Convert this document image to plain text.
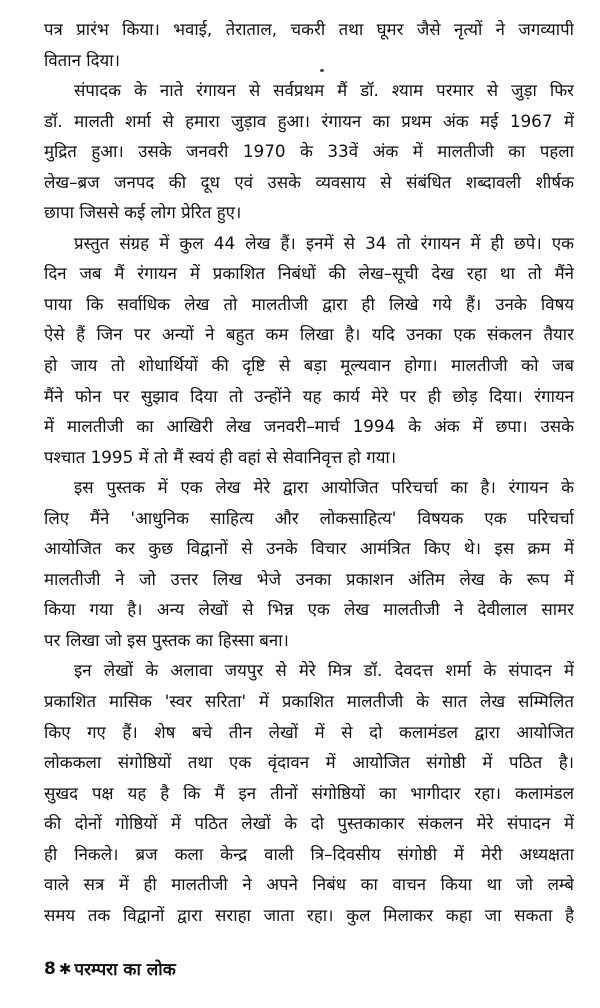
पत्र प्रारंभ किया। भवाई, तेराताल, चकरी तथा घूमर जैसे नृत्यों ने जगव्यापी
वितान दिया।
संपादक के नाते रंगायन से सर्वप्रथम मैं डॉ. श्याम परमार से जुड़ा फिर
डॉ. मालती शर्मा से हमारा जुड़ाव हुआ। रंगायन का प्रथम अंक मई 1967 में
मुद्रित हुआ। उसके जनवरी 1970 के 33वें अंक में मालतीजी का पहला
लेख–ब्रज जनपद की दूध एवं उसके व्यवसाय से संबंधित शब्दावली शीर्षक
छापा जिससे कई लोग प्रेरित हुए।
प्रस्तुत संग्रह में कुल 44 लेख हैं। इनमें से 34 तो रंगायन में ही छपे। एक
दिन जब मैं रंगायन में प्रकाशित निबंधों की लेख–सूची देख रहा था तो मैंने
पाया कि सर्वाधिक लेख तो मालतीजी द्वारा ही लिखे गये हैं। उनके विषय
ऐसे हैं जिन पर अन्यों ने बहुत कम लिखा है। यदि उनका एक संकलन तैयार
हो जाय तो शोधार्थियों की दृष्टि से बड़ा मूल्यवान होगा। मालतीजी को जब
मैंने फोन पर सुझाव दिया तो उन्होंने यह कार्य मेरे पर ही छोड़ दिया। रंगायन
में मालतीजी का आखिरी लेख जनवरी–मार्च 1994 के अंक में छपा। उसके
पश्चात 1995 में तो मैं स्वयं ही वहां से सेवानिवृत्त हो गया।
इस पुस्तक में एक लेख मेरे द्वारा आयोजित परिचर्चा का है। रंगायन के
लिए मैंने 'आधुनिक साहित्य और लोकसाहित्य' विषयक एक परिचर्चा
आयोजित कर कुछ विद्वानों से उनके विचार आमंत्रित किए थे। इस क्रम में
मालतीजी ने जो उत्तर लिख भेजे उनका प्रकाशन अंतिम लेख के रूप में
किया गया है। अन्य लेखों से भिन्न एक लेख मालतीजी ने देवीलाल सामर
पर लिखा जो इस पुस्तक का हिस्सा बना।
इन लेखों के अलावा जयपुर से मेरे मित्र डॉ. देवदत्त शर्मा के संपादन में
प्रकाशित मासिक 'स्वर सरिता' में प्रकाशित मालतीजी के सात लेख सम्मिलित
किए गए हैं। शेष बचे तीन लेखों में से दो कलामंडल द्वारा आयोजित
लोककला संगोष्ठियों तथा एक वृंदावन में आयोजित संगोष्ठी में पठित है।
सुखद पक्ष यह है कि मैं इन तीनों संगोष्ठियों का भागीदार रहा। कलामंडल
की दोनों गोष्ठियों में पठित लेखों के दो पुस्तकाकार संकलन मेरे संपादन में
ही निकले। ब्रज कला केन्द्र वाली त्रि–दिवसीय संगोष्ठी में मेरी अध्यक्षता
वाले सत्र में ही मालतीजी ने अपने निबंध का वाचन किया था जो लम्बे
समय तक विद्वानों द्वारा सराहा जाता रहा। कुल मिलाकर कहा जा सकता है
8 ✱ परम्परा का लोक
